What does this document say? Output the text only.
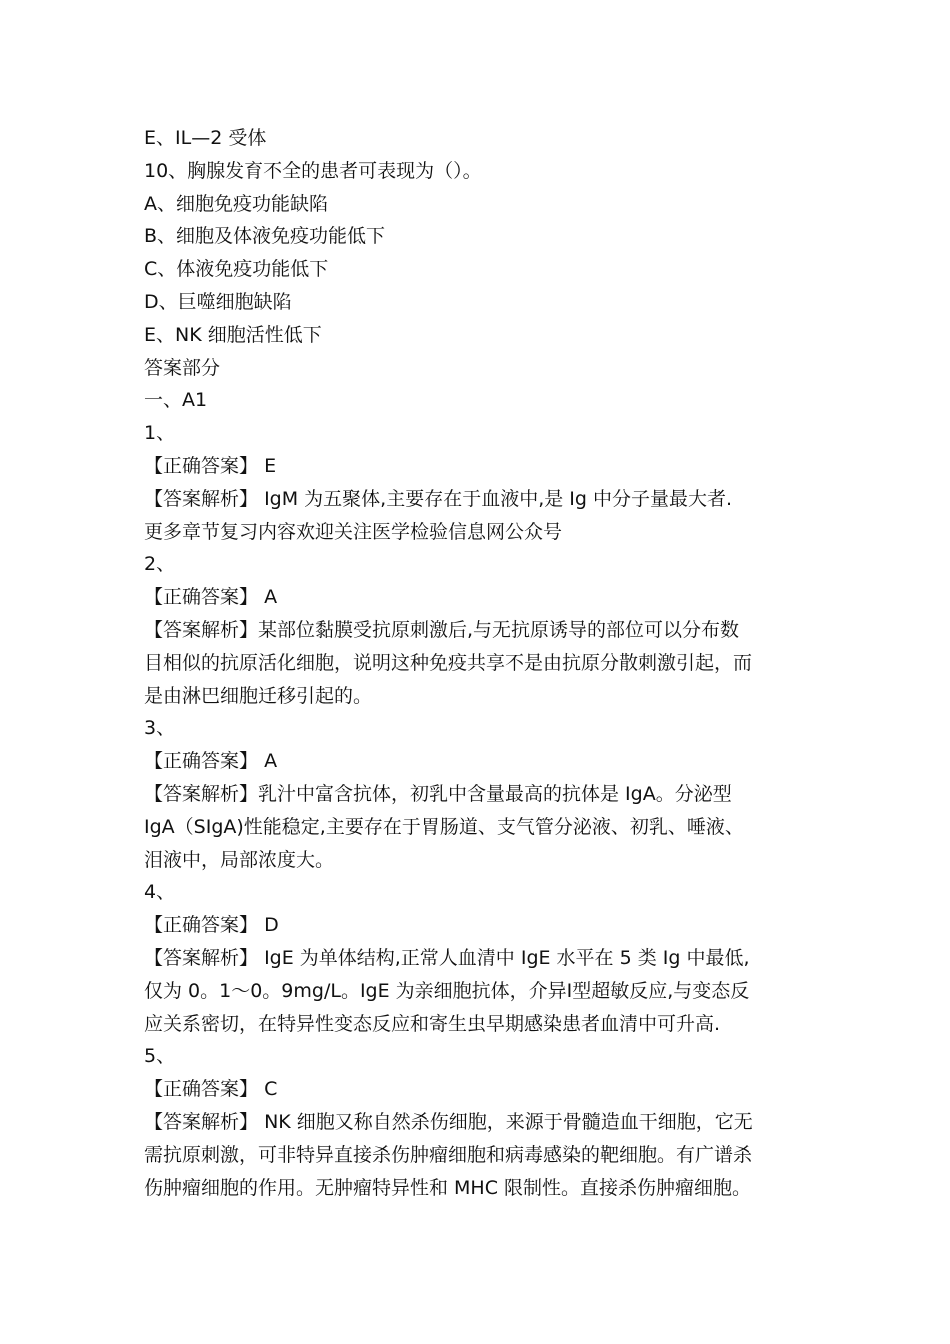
E、IL—2 受体
10、胸腺发育不全的患者可表现为（）。
A、细胞免疫功能缺陷
B、细胞及体液免疫功能低下
C、体液免疫功能低下
D、巨噬细胞缺陷
E、NK 细胞活性低下
答案部分
一、A1
1、
【正确答案】 E
【答案解析】 IgM 为五聚体,主要存在于血液中,是 Ig 中分子量最大者.
更多章节复习内容欢迎关注医学检验信息网公众号
2、
【正确答案】 A
【答案解析】某部位黏膜受抗原刺激后,与无抗原诱导的部位可以分布数
目相似的抗原活化细胞，说明这种免疫共享不是由抗原分散刺激引起，而
是由淋巴细胞迁移引起的。
3、
【正确答案】 A
【答案解析】乳汁中富含抗体，初乳中含量最高的抗体是 IgA。分泌型
IgA（SIgA)性能稳定,主要存在于胃肠道、支气管分泌液、初乳、唾液、
泪液中，局部浓度大。
4、
【正确答案】 D
【答案解析】 IgE 为单体结构,正常人血清中 IgE 水平在 5 类 Ig 中最低,
仅为 0。1～0。9mg/L。IgE 为亲细胞抗体，介异Ⅰ型超敏反应,与变态反
应关系密切，在特异性变态反应和寄生虫早期感染患者血清中可升高.
5、
【正确答案】 C
【答案解析】 NK 细胞又称自然杀伤细胞，来源于骨髓造血干细胞，它无
需抗原刺激，可非特异直接杀伤肿瘤细胞和病毒感染的靶细胞。有广谱杀
伤肿瘤细胞的作用。无肿瘤特异性和 MHC 限制性。直接杀伤肿瘤细胞。
